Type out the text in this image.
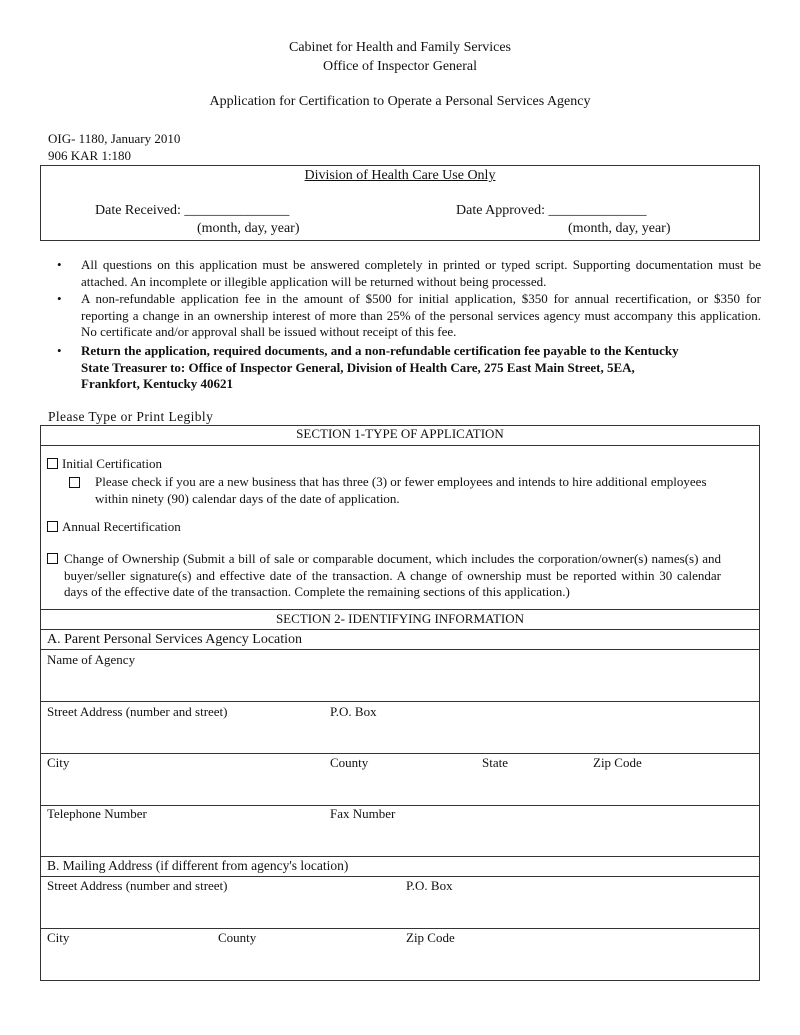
Cabinet for Health and Family Services
Office of Inspector General
Application for Certification to Operate a Personal Services Agency
OIG- 1180, January 2010
906 KAR 1:180
Division of Health Care Use Only
Date Received: _______________	Date Approved: ______________
(month, day, year)	(month, day, year)
• All questions on this application must be answered completely in printed or typed script. Supporting documentation must be attached. An incomplete or illegible application will be returned without being processed.
• A non-refundable application fee in the amount of $500 for initial application, $350 for annual recertification, or $350 for reporting a change in an ownership interest of more than 25% of the personal services agency must accompany this application. No certificate and/or approval shall be issued without receipt of this fee.
• Return the application, required documents, and a non-refundable certification fee payable to the Kentucky State Treasurer to: Office of Inspector General, Division of Health Care, 275 East Main Street, 5EA, Frankfort, Kentucky 40621
Please Type or Print Legibly
SECTION 1-TYPE OF APPLICATION
Initial Certification
Please check if you are a new business that has three (3) or fewer employees and intends to hire additional employees within ninety (90) calendar days of the date of application.
Annual Recertification
Change of Ownership (Submit a bill of sale or comparable document, which includes the corporation/owner(s) names(s) and buyer/seller signature(s) and effective date of the transaction. A change of ownership must be reported within 30 calendar days of the effective date of the transaction. Complete the remaining sections of this application.)
SECTION 2- IDENTIFYING INFORMATION
A. Parent Personal Services Agency Location
Name of Agency
Street Address (number and street)	P.O. Box
City	County	State	Zip Code
Telephone Number	Fax Number
B. Mailing Address (if different from agency's location)
Street Address (number and street)	P.O. Box
City	County	Zip Code
